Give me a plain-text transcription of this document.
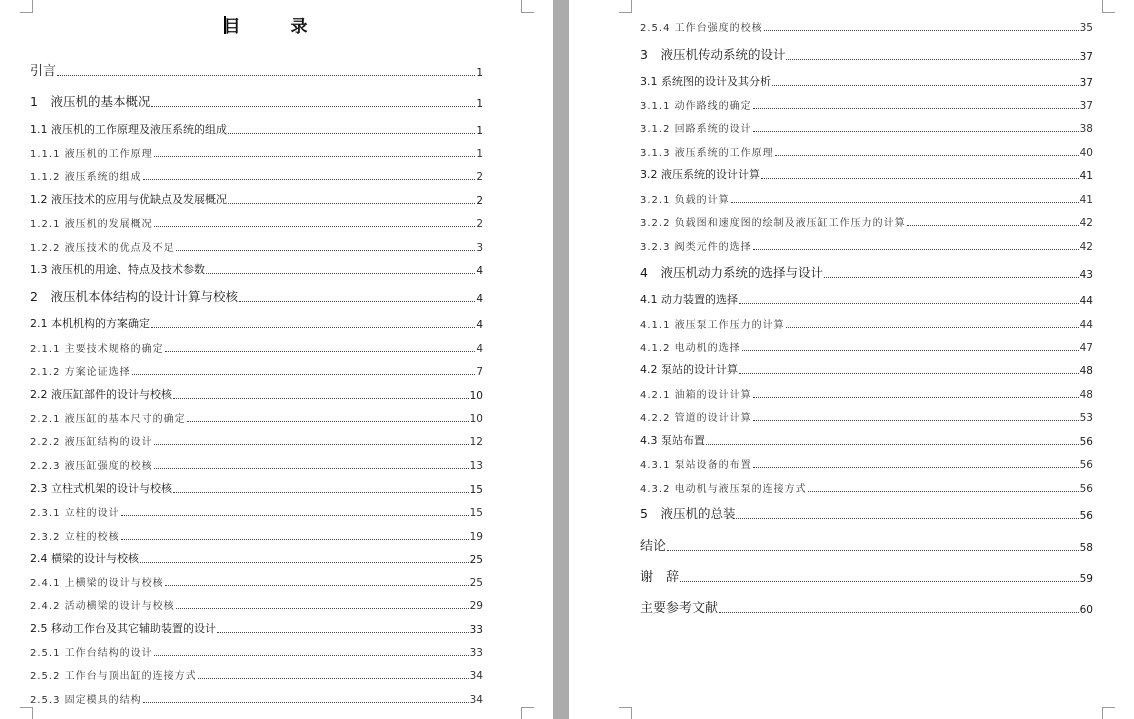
目 录
引言	1
1　液压机的基本概况	1
1.1 液压机的工作原理及液压系统的组成	1
1.1.1 液压机的工作原理	1
1.1.2 液压系统的组成	2
1.2 液压技术的应用与优缺点及发展概况	2
1.2.1 液压机的发展概况	2
1.2.2 液压技术的优点及不足	3
1.3 液压机的用途、特点及技术参数	4
2　液压机本体结构的设计计算与校核	4
2.1 本机机构的方案确定	4
2.1.1 主要技术规格的确定	4
2.1.2 方案论证选择	7
2.2 液压缸部件的设计与校核	10
2.2.1 液压缸的基本尺寸的确定	10
2.2.2 液压缸结构的设计	12
2.2.3 液压缸强度的校核	13
2.3 立柱式机架的设计与校核	15
2.3.1 立柱的设计	15
2.3.2 立柱的校核	19
2.4 横梁的设计与校核	25
2.4.1 上横梁的设计与校核	25
2.4.2 活动横梁的设计与校核	29
2.5 移动工作台及其它辅助装置的设计	33
2.5.1 工作台结构的设计	33
2.5.2 工作台与顶出缸的连接方式	34
2.5.3 固定模具的结构	34
2.5.4 工作台强度的校核	35
3　液压机传动系统的设计	37
3.1 系统图的设计及其分析	37
3.1.1 动作路线的确定	37
3.1.2 回路系统的设计	38
3.1.3 液压系统的工作原理	40
3.2 液压系统的设计计算	41
3.2.1 负载的计算	41
3.2.2 负载图和速度图的绘制及液压缸工作压力的计算	42
3.2.3 阀类元件的选择	42
4　液压机动力系统的选择与设计	43
4.1 动力装置的选择	44
4.1.1 液压泵工作压力的计算	44
4.1.2 电动机的选择	47
4.2 泵站的设计计算	48
4.2.1 油箱的设计计算	48
4.2.2 管道的设计计算	53
4.3 泵站布置	56
4.3.1 泵站设备的布置	56
4.3.2 电动机与液压泵的连接方式	56
5　液压机的总装	56
结论	58
谢　辞	59
主要参考文献	60
